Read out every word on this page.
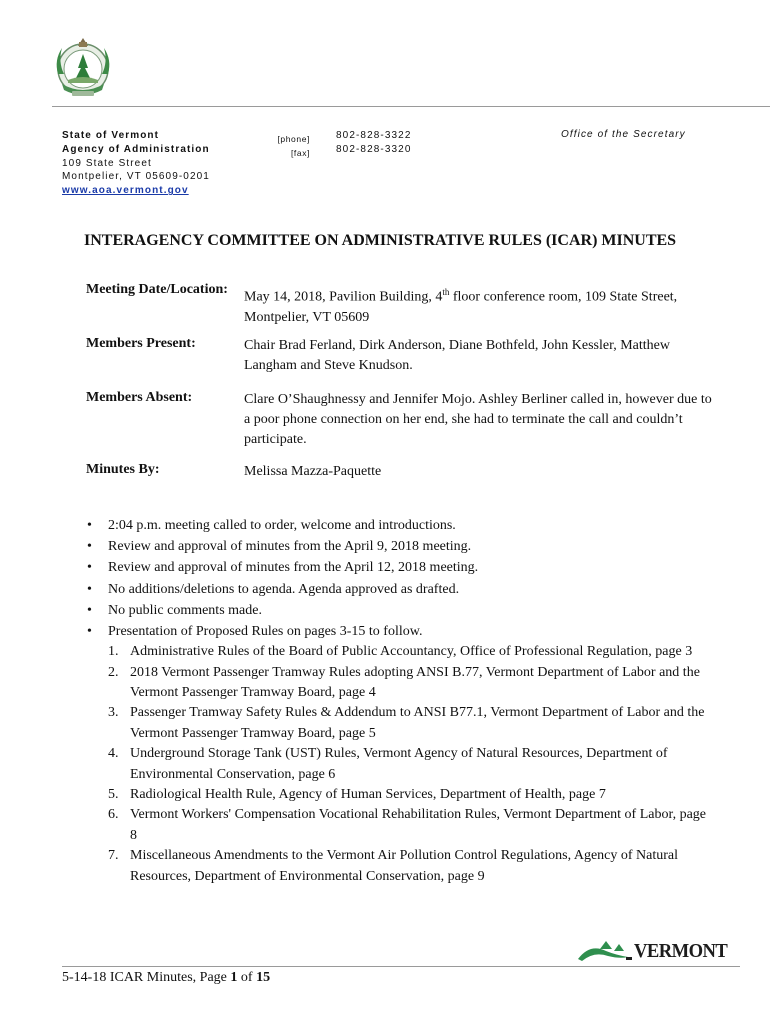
State of Vermont
Agency of Administration
109 State Street
Montpelier, VT 05609-0201
www.aoa.vermont.gov
[phone]
[fax]
802-828-3322
802-828-3320
Office of the Secretary
INTERAGENCY COMMITTEE ON ADMINISTRATIVE RULES (ICAR) MINUTES
Meeting Date/Location:
May 14, 2018, Pavilion Building, 4th floor conference room, 109 State Street, Montpelier, VT 05609
Members Present:	Chair Brad Ferland, Dirk Anderson, Diane Bothfeld, John Kessler, Matthew Langham and Steve Knudson.
Members Absent:	Clare O’Shaughnessy and Jennifer Mojo. Ashley Berliner called in, however due to a poor phone connection on her end, she had to terminate the call and couldn’t participate.
Minutes By:	Melissa Mazza-Paquette
• 2:04 p.m. meeting called to order, welcome and introductions.
• Review and approval of minutes from the April 9, 2018 meeting.
• Review and approval of minutes from the April 12, 2018 meeting.
• No additions/deletions to agenda. Agenda approved as drafted.
• No public comments made.
• Presentation of Proposed Rules on pages 3-15 to follow.
1. Administrative Rules of the Board of Public Accountancy, Office of Professional Regulation, page 3
2. 2018 Vermont Passenger Tramway Rules adopting ANSI B.77, Vermont Department of Labor and the Vermont Passenger Tramway Board, page 4
3. Passenger Tramway Safety Rules & Addendum to ANSI B77.1, Vermont Department of Labor and the Vermont Passenger Tramway Board, page 5
4. Underground Storage Tank (UST) Rules, Vermont Agency of Natural Resources, Department of Environmental Conservation, page 6
5. Radiological Health Rule, Agency of Human Services, Department of Health, page 7
6. Vermont Workers' Compensation Vocational Rehabilitation Rules, Vermont Department of Labor, page 8
7. Miscellaneous Amendments to the Vermont Air Pollution Control Regulations, Agency of Natural Resources, Department of Environmental Conservation, page 9
VERMONT
5-14-18 ICAR Minutes, Page 1 of 15
